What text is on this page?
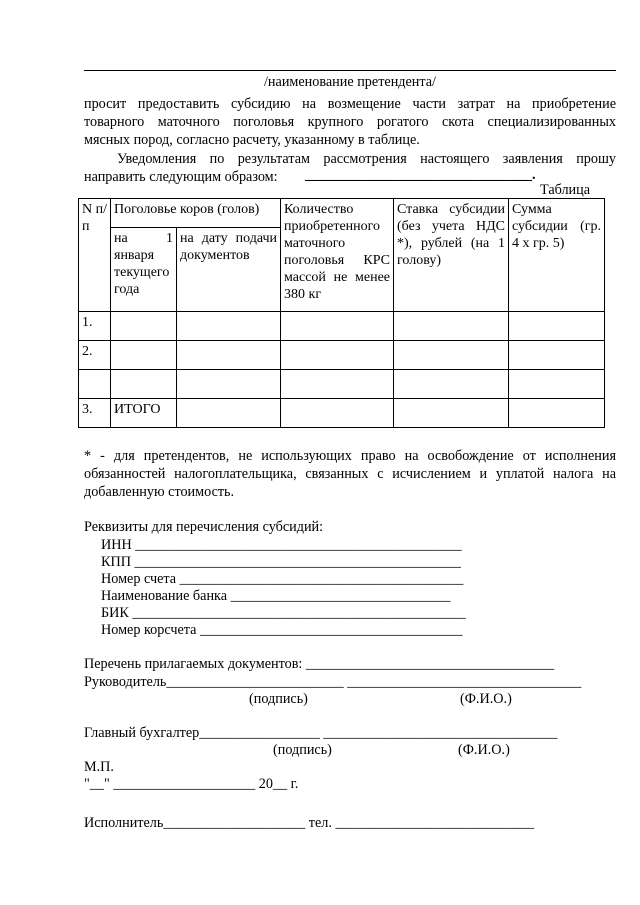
/наименование претендента/
просит предоставить субсидию на возмещение части затрат на приобретение
товарного маточного поголовья крупного рогатого скота специализированных
мясных пород, согласно расчету, указанному в таблице.
Уведомления по результатам рассмотрения настоящего заявления прошу
направить следующим образом: ________________________________.
Таблица
N п/п	Поголовье коров (голов)		Количество приобретенного маточного поголовья КРС массой не менее 380 кг	Ставка субсидии (без учета НДС *), рублей (на 1 голову)	Сумма субсидии (гр. 4 x гр. 5)
	на 1 января текущего года	на дату подачи документов			
1.					
2.					

3.	ИТОГО				
* - для претендентов, не использующих право на освобождение от исполнения
обязанностей налогоплательщика, связанных с исчислением и уплатой налога на
добавленную стоимость.
Реквизиты для перечисления субсидий:
ИНН ______________________________________________
КПП ______________________________________________
Номер счета ________________________________________
Наименование банка _______________________________
БИК _______________________________________________
Номер корсчета _____________________________________
Перечень прилагаемых документов: ___________________________________
Руководитель_________________________ _________________________________
(подпись)	(Ф.И.О.)
Главный бухгалтер_________________ _________________________________
(подпись)	(Ф.И.О.)
М.П.
"__" ____________________ 20__ г.
Исполнитель____________________ тел. ____________________________
